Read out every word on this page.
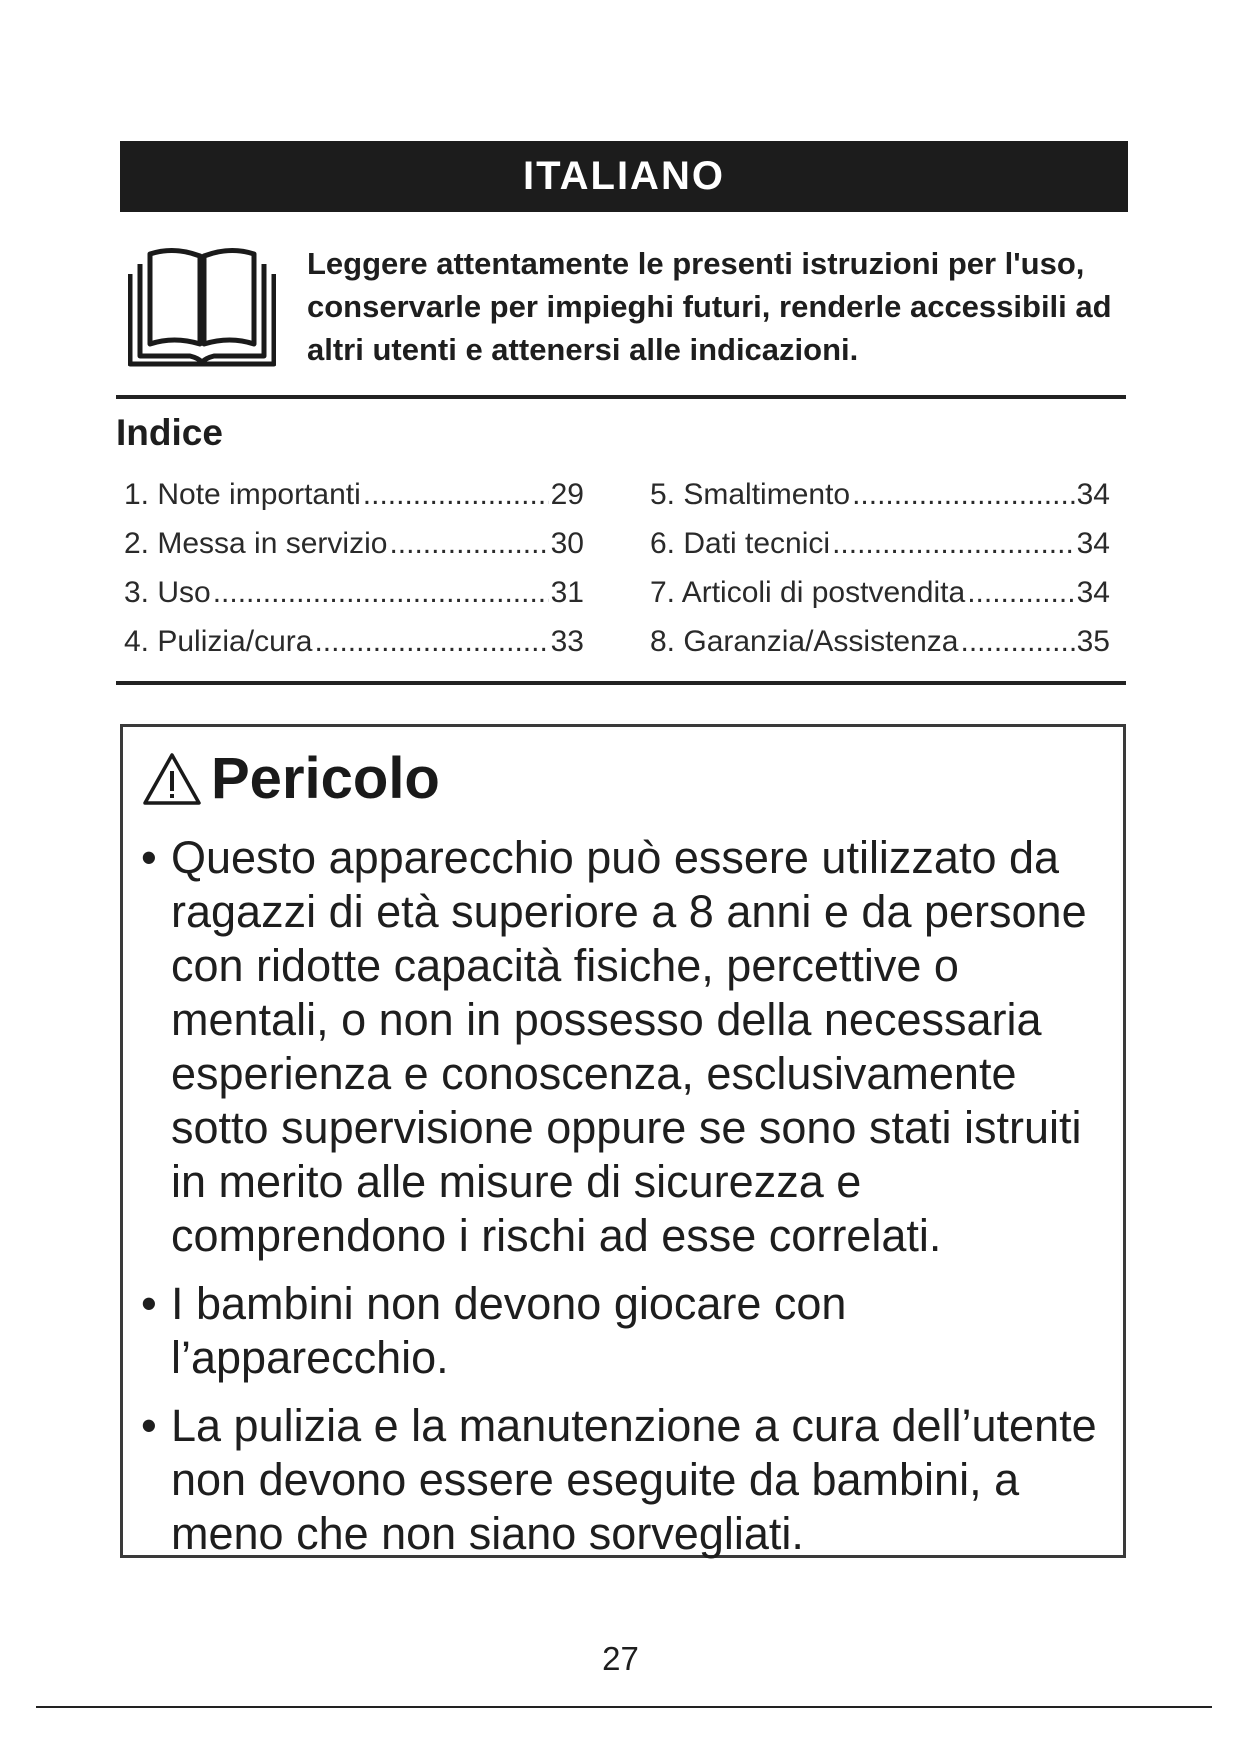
ITALIANO
Leggere attentamente le presenti istruzioni per l'uso, conservarle per impieghi futuri, renderle accessibili ad altri utenti e attenersi alle indicazioni.
Indice
1. Note importanti .....	29
2. Messa in servizio .....	30
3. Uso .....	31
4. Pulizia/cura .....	33
5. Smaltimento .....	34
6. Dati tecnici .....	34
7. Articoli di postvendita .....	34
8. Garanzia/Assistenza .....	35
Pericolo
• Questo apparecchio può essere utilizzato da ragazzi di età superiore a 8 anni e da persone con ridotte capacità fisiche, percettive o mentali, o non in possesso della necessaria esperienza e conoscenza, esclusivamente sotto supervisione oppure se sono stati istruiti in merito alle misure di sicurezza e comprendono i rischi ad esse correlati.
• I bambini non devono giocare con l’apparecchio.
• La pulizia e la manutenzione a cura dell’utente non devono essere eseguite da bambini, a meno che non siano sorvegliati.
27
